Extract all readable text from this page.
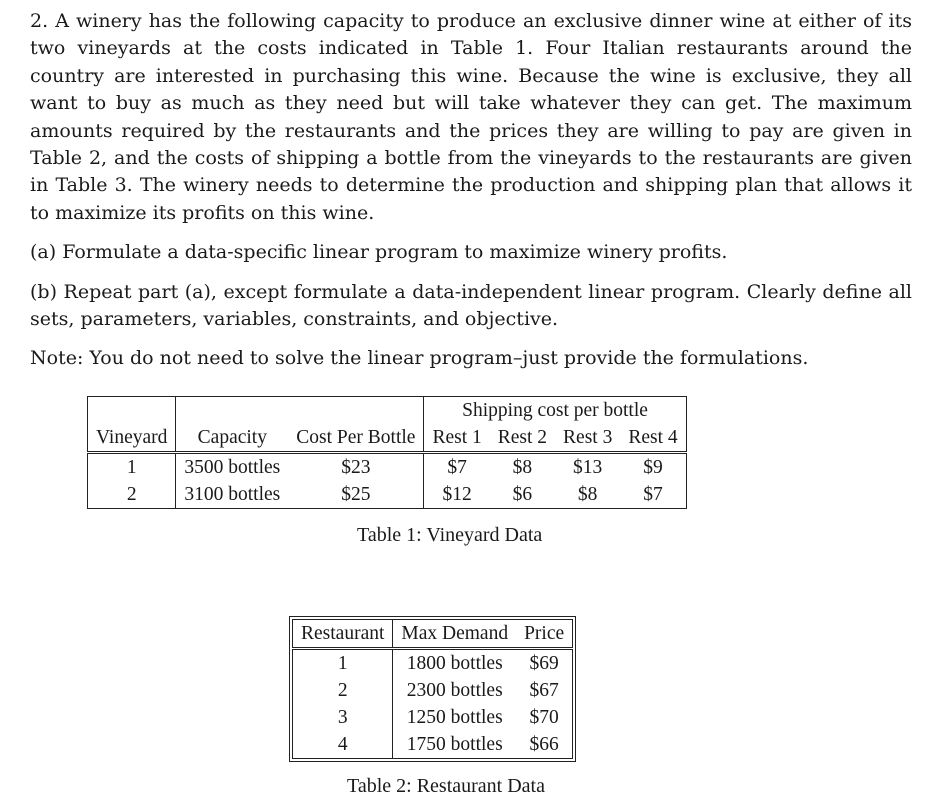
2. A winery has the following capacity to produce an exclusive dinner wine at either of its two vineyards at the costs indicated in Table 1. Four Italian restaurants around the country are interested in purchasing this wine. Because the wine is exclusive, they all want to buy as much as they need but will take whatever they can get. The maximum amounts required by the restaurants and the prices they are willing to pay are given in Table 2, and the costs of shipping a bottle from the vineyards to the restaurants are given in Table 3. The winery needs to determine the production and shipping plan that allows it to maximize its profits on this wine.

(a) Formulate a data-specific linear program to maximize winery profits.

(b) Repeat part (a), except formulate a data-independent linear program. Clearly define all sets, parameters, variables, constraints, and objective.

Note: You do not need to solve the linear program–just provide the formulations.

			Shipping cost per bottle			
Vineyard	Capacity	Cost Per Bottle	Rest 1	Rest 2	Rest 3	Rest 4
1	3500 bottles	$23	$7	$8	$13	$9
2	3100 bottles	$25	$12	$6	$8	$7
Table 1: Vineyard Data
Restaurant	Max Demand	Price
1	1800 bottles	$69
2	2300 bottles	$67
3	1250 bottles	$70
4	1750 bottles	$66
Table 2: Restaurant Data
